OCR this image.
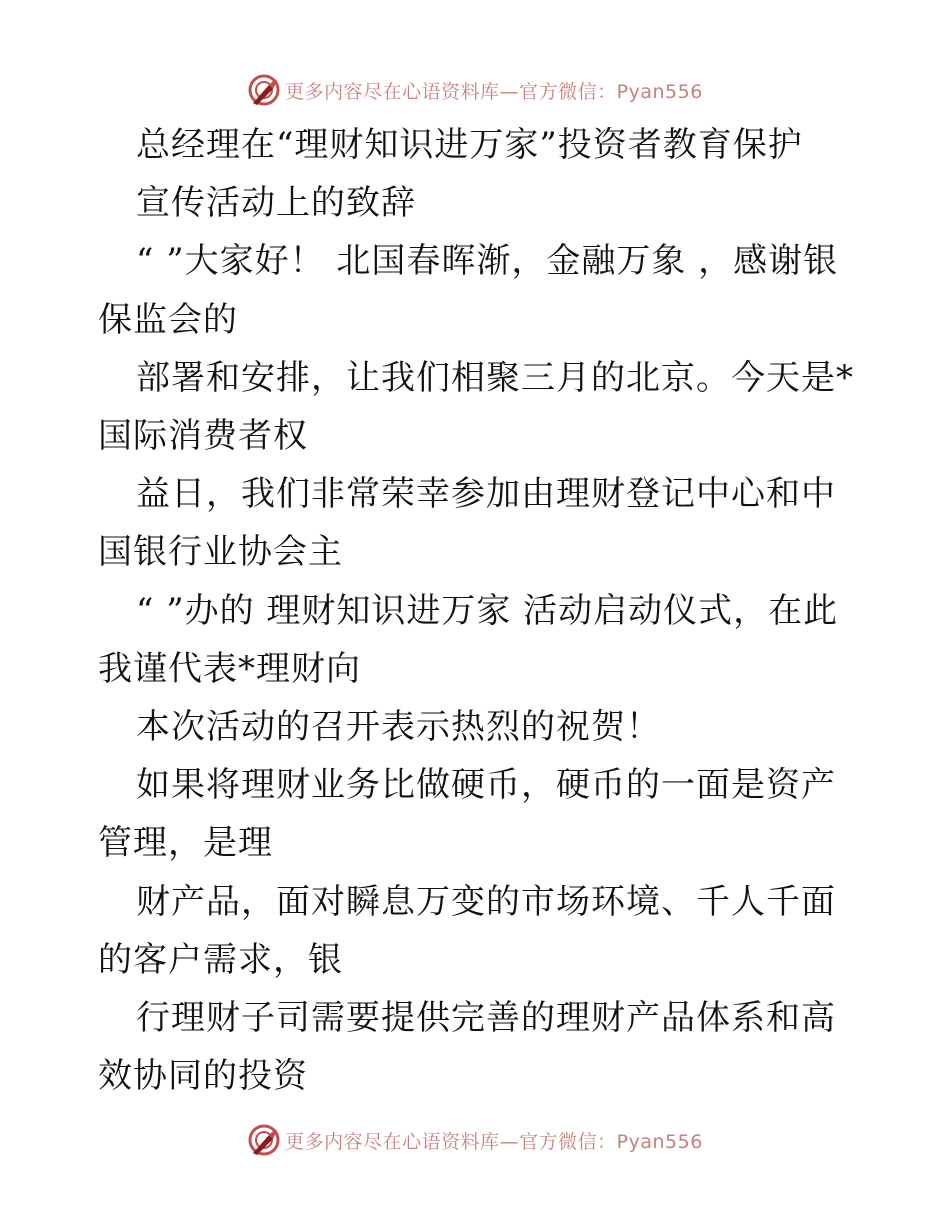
更多内容尽在心语资料库—官方微信：Pyan556

总经理在“理财知识进万家”投资者教育保护

宣传活动上的致辞

“ ”大家好！ 北国春晖渐，金融万象 ，感谢银保监会的

部署和安排，让我们相聚三月的北京。今天是*国际消费者权

益日，我们非常荣幸参加由理财登记中心和中国银行业协会主

“ ”办的 理财知识进万家 活动启动仪式，在此我谨代表*理财向

本次活动的召开表示热烈的祝贺！

如果将理财业务比做硬币，硬币的一面是资产管理，是理

财产品，面对瞬息万变的市场环境、千人千面的客户需求，银

行理财子司需要提供完善的理财产品体系和高效协同的投资

更多内容尽在心语资料库—官方微信：Pyan556
